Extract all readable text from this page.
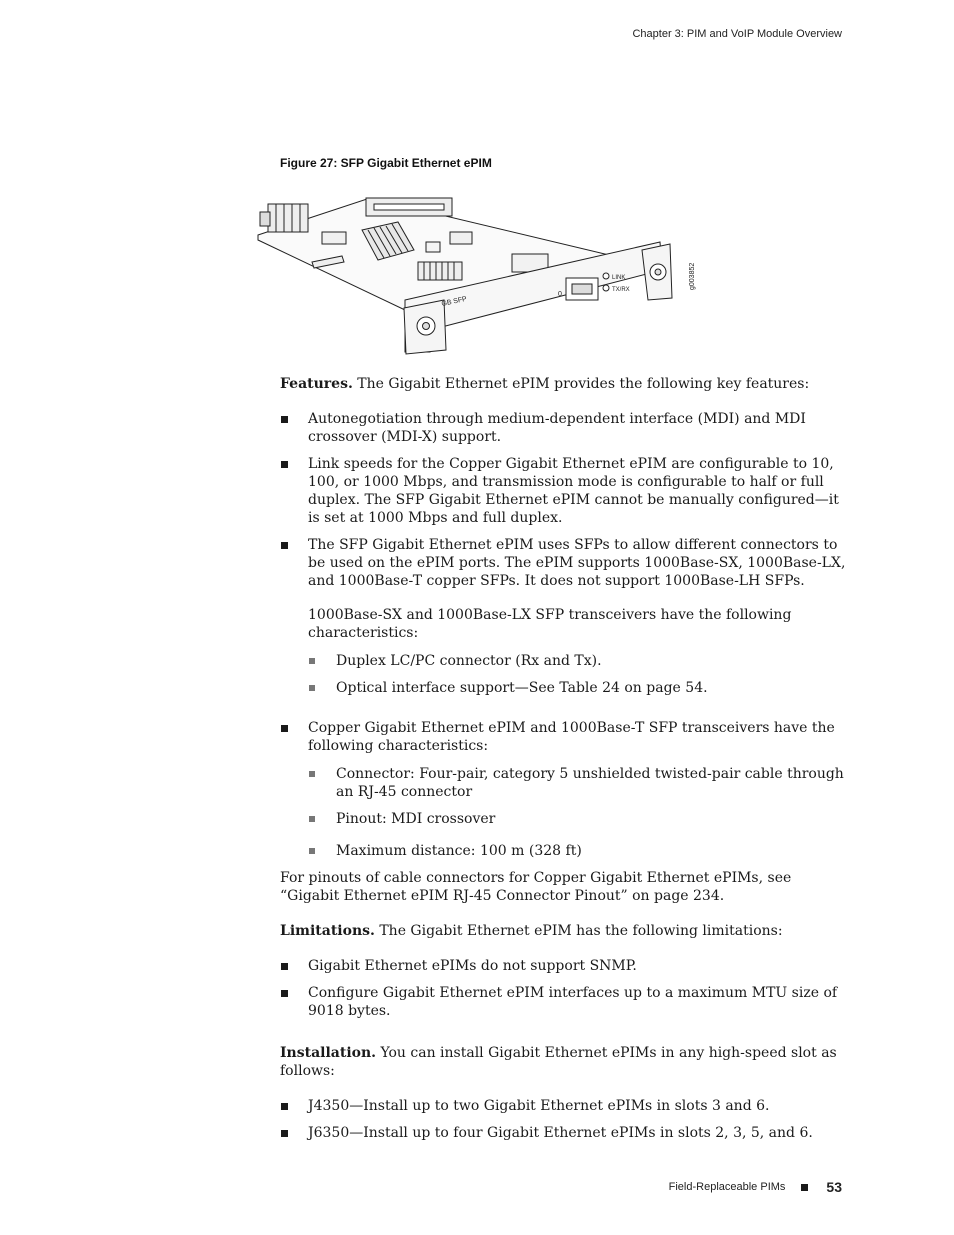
Chapter 3: PIM and VoIP Module Overview
Figure 27: SFP Gigabit Ethernet ePIM
LINK
TX/RX
0
GB SFP
g003852

Features. The Gigabit Ethernet ePIM provides the following key features:

Autonegotiation through medium-dependent interface (MDI) and MDI crossover (MDI-X) support.
Link speeds for the Copper Gigabit Ethernet ePIM are configurable to 10, 100, or 1000 Mbps, and transmission mode is configurable to half or full duplex. The SFP Gigabit Ethernet ePIM cannot be manually configured—it is set at 1000 Mbps and full duplex.
The SFP Gigabit Ethernet ePIM uses SFPs to allow different connectors to be used on the ePIM ports. The ePIM supports 1000Base-SX, 1000Base-LX, and 1000Base-T copper SFPs. It does not support 1000Base-LH SFPs.
1000Base-SX and 1000Base-LX SFP transceivers have the following characteristics:
Duplex LC/PC connector (Rx and Tx).
Optical interface support—See Table 24 on page 54.
Copper Gigabit Ethernet ePIM and 1000Base-T SFP transceivers have the following characteristics:
Connector: Four-pair, category 5 unshielded twisted-pair cable through an RJ-45 connector
Pinout: MDI crossover
Maximum distance: 100 m (328 ft)

For pinouts of cable connectors for Copper Gigabit Ethernet ePIMs, see “Gigabit Ethernet ePIM RJ-45 Connector Pinout” on page 234.

Limitations. The Gigabit Ethernet ePIM has the following limitations:

Gigabit Ethernet ePIMs do not support SNMP.
Configure Gigabit Ethernet ePIM interfaces up to a maximum MTU size of 9018 bytes.

Installation. You can install Gigabit Ethernet ePIMs in any high-speed slot as follows:

J4350—Install up to two Gigabit Ethernet ePIMs in slots 3 and 6.
J6350—Install up to four Gigabit Ethernet ePIMs in slots 2, 3, 5, and 6.
Field-Replaceable PIMs	53
